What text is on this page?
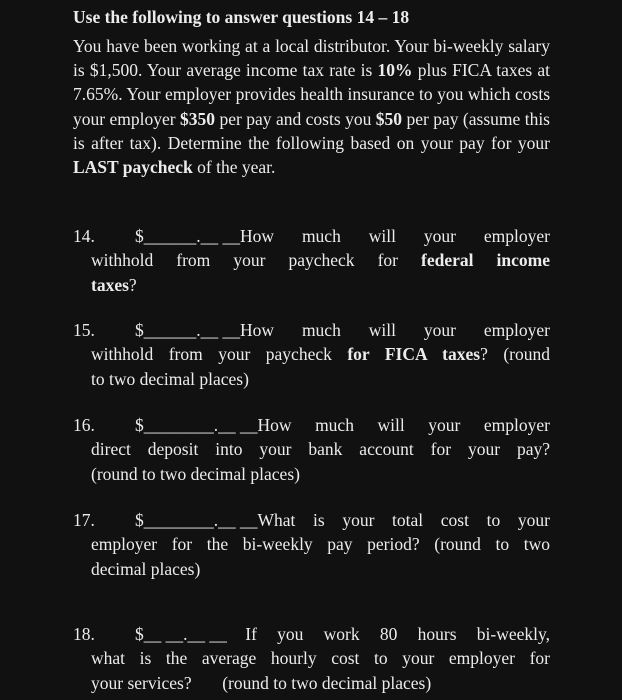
Use the following to answer questions 14 – 18
You have been working at a local distributor. Your bi-weekly salary is $1,500. Your average income tax rate is 10% plus FICA taxes at 7.65%. Your employer provides health insurance to you which costs your employer $350 per pay and costs you $50 per pay (assume this is after tax). Determine the following based on your pay for your LAST paycheck of the year.
14.	$______.__ __ How much will your employer
withhold from your paycheck for federal income
taxes?
15.	$______.__ __ How much will your employer
withhold from your paycheck for FICA taxes? (round
to two decimal places)
16.	$________.__ __ How much will your employer
direct deposit into your bank account for your pay?
(round to two decimal places)
17.	$________.__ __ What is your total cost to your
employer for the bi-weekly pay period? (round to two
decimal places)
18.	$__ __.__ __ If you work 80 hours bi-weekly,
what is the average hourly cost to your employer for
your services?       (round to two decimal places)
